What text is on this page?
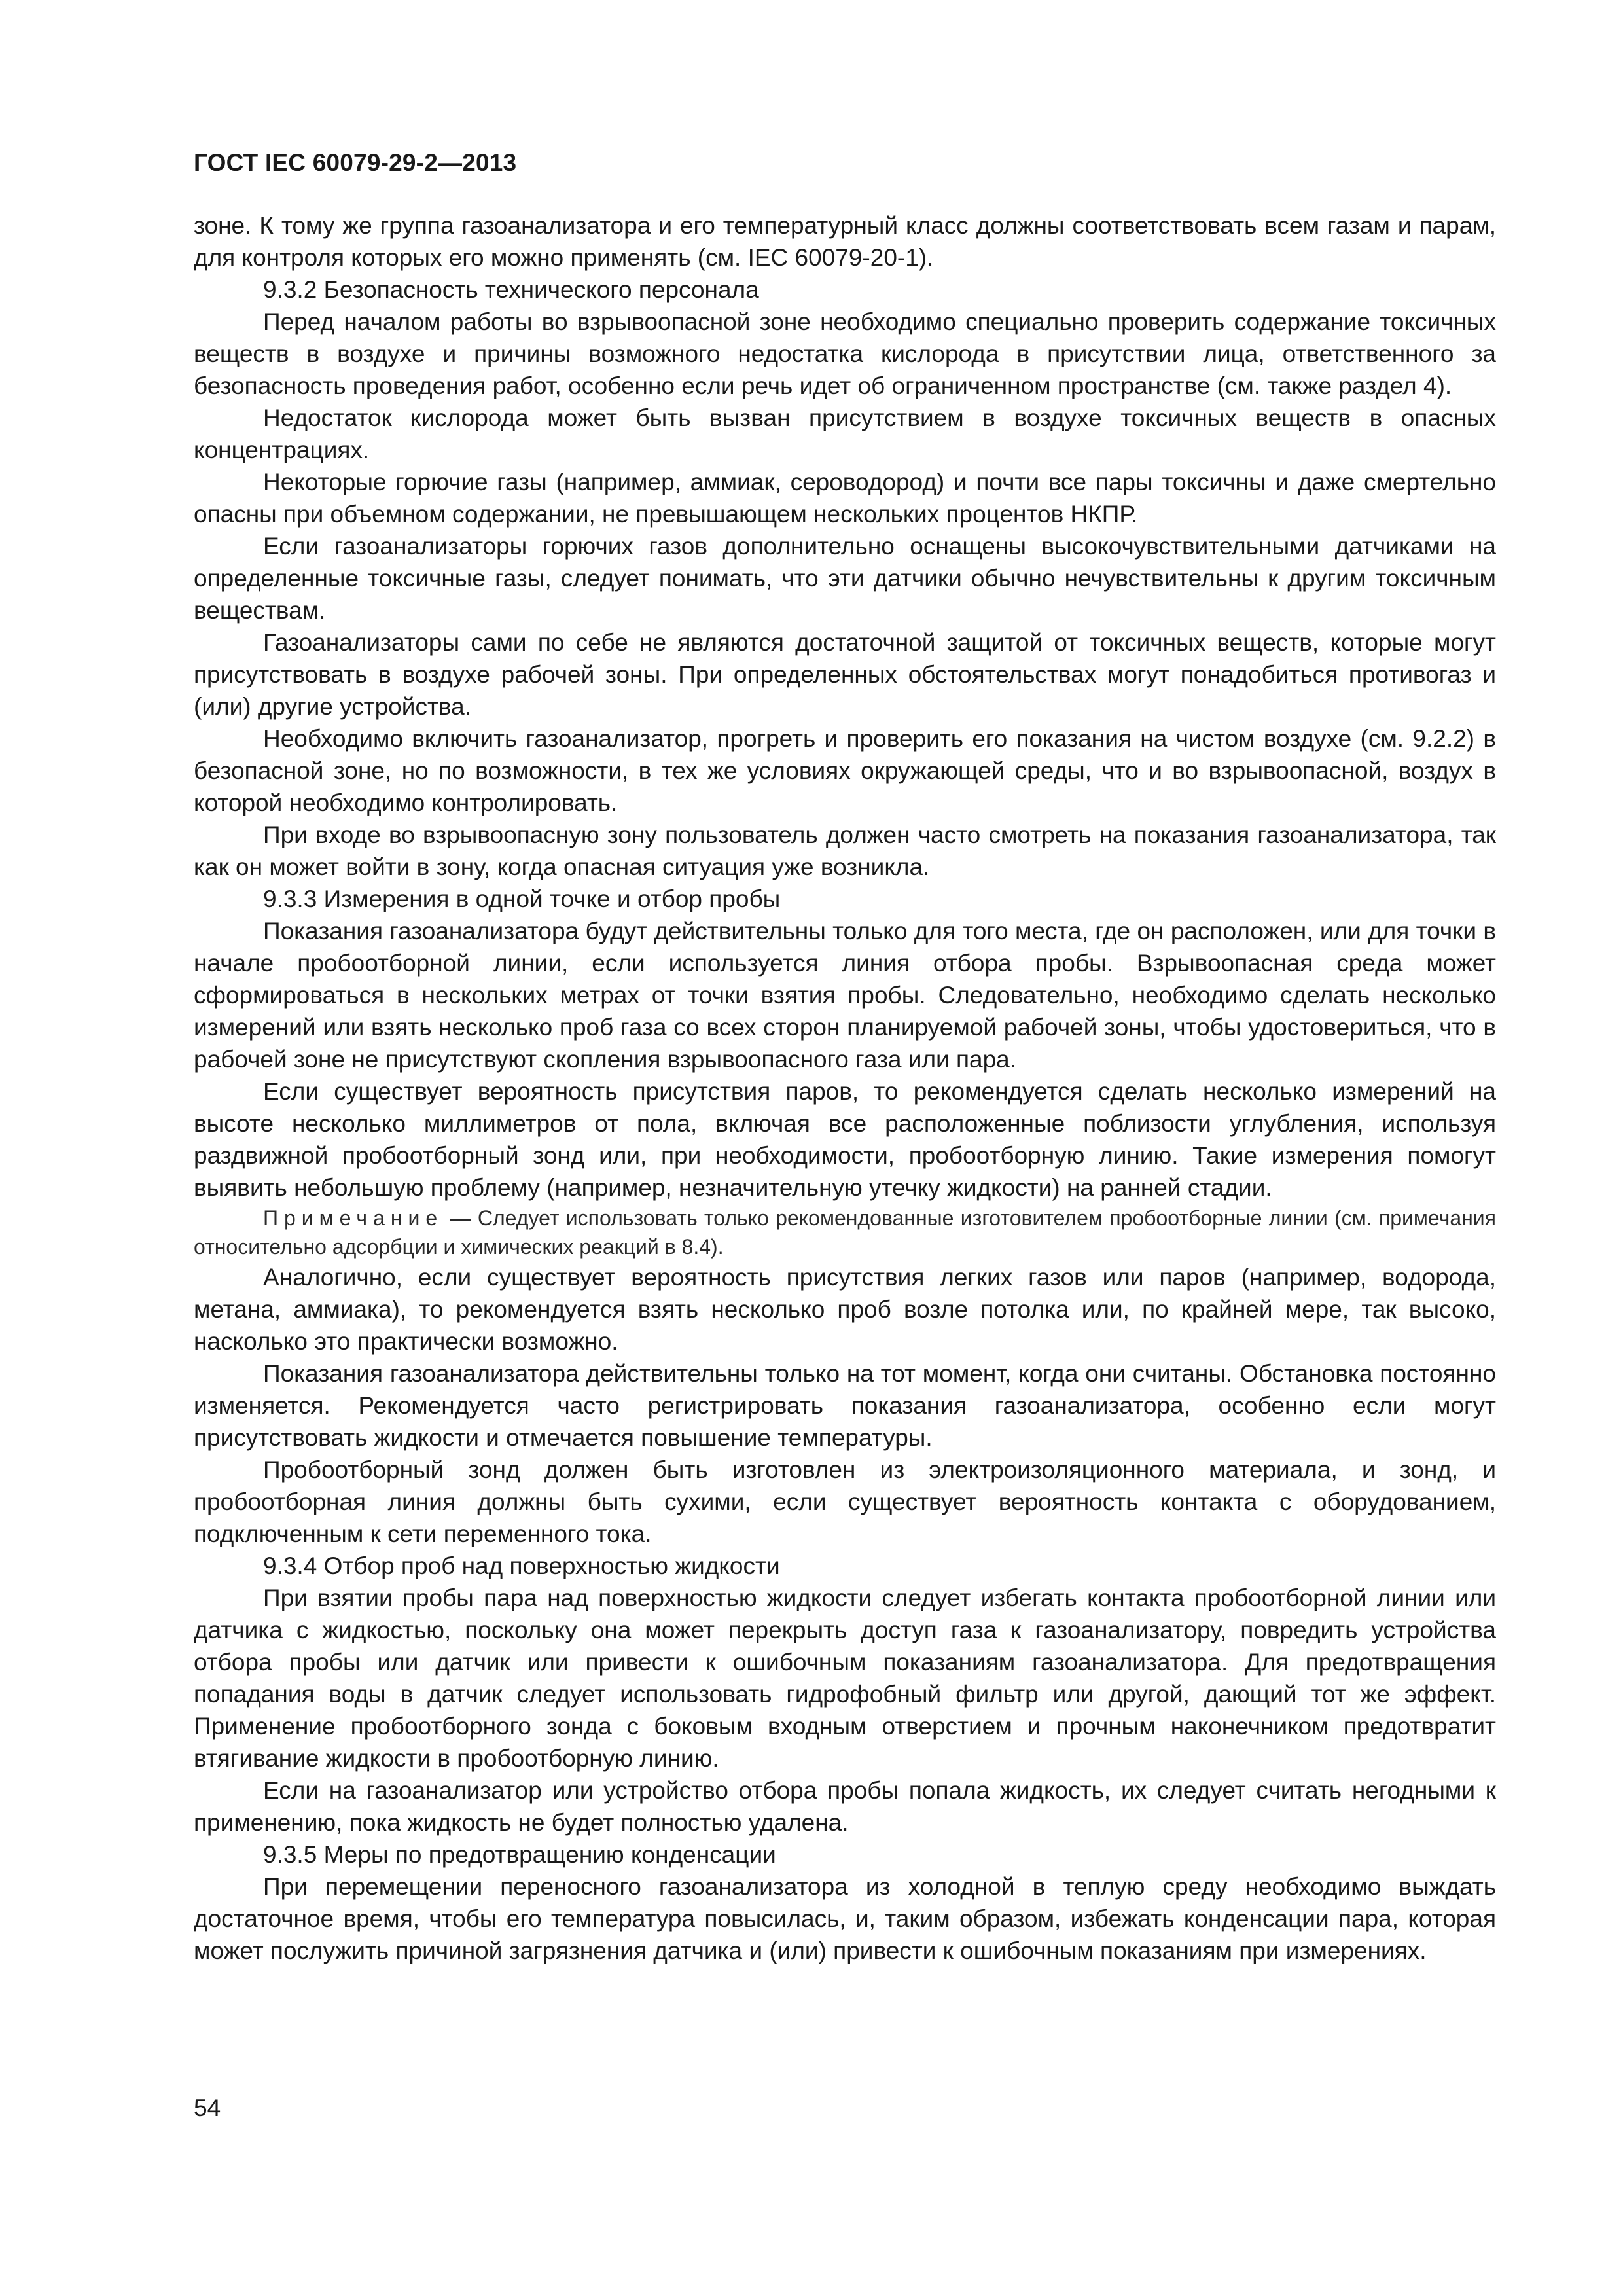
ГОСТ IEC 60079-29-2—2013

зоне. К тому же группа газоанализатора и его температурный класс должны соответствовать всем газам и парам, для контроля которых его можно применять (см. IEC 60079-20-1).

9.3.2 Безопасность технического персонала

Перед началом работы во взрывоопасной зоне необходимо специально проверить содержание токсичных веществ в воздухе и причины возможного недостатка кислорода в присутствии лица, ответственного за безопасность проведения работ, особенно если речь идет об ограниченном пространстве (см. также раздел 4).

Недостаток кислорода может быть вызван присутствием в воздухе токсичных веществ в опасных концентрациях.

Некоторые горючие газы (например, аммиак, сероводород) и почти все пары токсичны и даже смертельно опасны при объемном содержании, не превышающем нескольких процентов НКПР.

Если газоанализаторы горючих газов дополнительно оснащены высокочувствительными датчиками на определенные токсичные газы, следует понимать, что эти датчики обычно нечувствительны к другим токсичным веществам.

Газоанализаторы сами по себе не являются достаточной защитой от токсичных веществ, которые могут присутствовать в воздухе рабочей зоны. При определенных обстоятельствах могут понадобиться противогаз и (или) другие устройства.

Необходимо включить газоанализатор, прогреть и проверить его показания на чистом воздухе (см. 9.2.2) в безопасной зоне, но по возможности, в тех же условиях окружающей среды, что и во взрывоопасной, воздух в которой необходимо контролировать.

При входе во взрывоопасную зону пользователь должен часто смотреть на показания газоанализатора, так как он может войти в зону, когда опасная ситуация уже возникла.

9.3.3 Измерения в одной точке и отбор пробы

Показания газоанализатора будут действительны только для того места, где он расположен, или для точки в начале пробоотборной линии, если используется линия отбора пробы. Взрывоопасная среда может сформироваться в нескольких метрах от точки взятия пробы. Следовательно, необходимо сделать несколько измерений или взять несколько проб газа со всех сторон планируемой рабочей зоны, чтобы удостовериться, что в рабочей зоне не присутствуют скопления взрывоопасного газа или пара.

Если существует вероятность присутствия паров, то рекомендуется сделать несколько измерений на высоте несколько миллиметров от пола, включая все расположенные поблизости углубления, используя раздвижной пробоотборный зонд или, при необходимости, пробоотборную линию. Такие измерения помогут выявить небольшую проблему (например, незначительную утечку жидкости) на ранней стадии.

Примечание — Следует использовать только рекомендованные изготовителем пробоотборные линии (см. примечания относительно адсорбции и химических реакций в 8.4).

Аналогично, если существует вероятность присутствия легких газов или паров (например, водорода, метана, аммиака), то рекомендуется взять несколько проб возле потолка или, по крайней мере, так высоко, насколько это практически возможно.

Показания газоанализатора действительны только на тот момент, когда они считаны. Обстановка постоянно изменяется. Рекомендуется часто регистрировать показания газоанализатора, особенно если могут присутствовать жидкости и отмечается повышение температуры.

Пробоотборный зонд должен быть изготовлен из электроизоляционного материала, и зонд, и пробоотборная линия должны быть сухими, если существует вероятность контакта с оборудованием, подключенным к сети переменного тока.

9.3.4 Отбор проб над поверхностью жидкости

При взятии пробы пара над поверхностью жидкости следует избегать контакта пробоотборной линии или датчика с жидкостью, поскольку она может перекрыть доступ газа к газоанализатору, повредить устройства отбора пробы или датчик или привести к ошибочным показаниям газоанализатора. Для предотвращения попадания воды в датчик следует использовать гидрофобный фильтр или другой, дающий тот же эффект. Применение пробоотборного зонда с боковым входным отверстием и прочным наконечником предотвратит втягивание жидкости в пробоотборную линию.

Если на газоанализатор или устройство отбора пробы попала жидкость, их следует считать негодными к применению, пока жидкость не будет полностью удалена.

9.3.5 Меры по предотвращению конденсации

При перемещении переносного газоанализатора из холодной в теплую среду необходимо выждать достаточное время, чтобы его температура повысилась, и, таким образом, избежать конденсации пара, которая может послужить причиной загрязнения датчика и (или) привести к ошибочным показаниям при измерениях.

54
